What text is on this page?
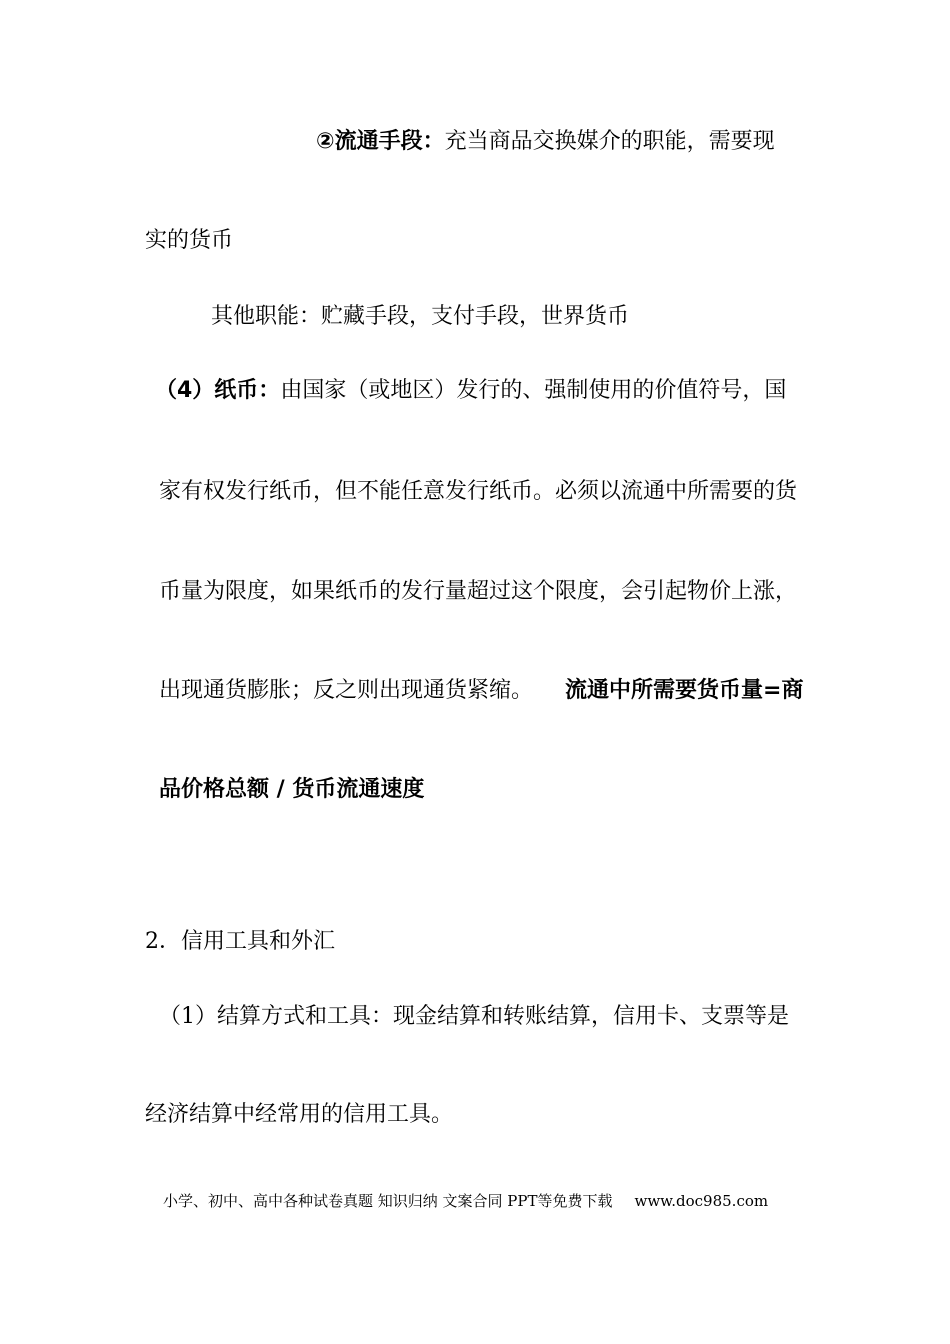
②流通手段：充当商品交换媒介的职能，需要现
实的货币
其他职能：贮藏手段，支付手段，世界货币
（4）纸币：由国家（或地区）发行的、强制使用的价值符号，国
家有权发行纸币，但不能任意发行纸币。必须以流通中所需要的货
币量为限度，如果纸币的发行量超过这个限度，会引起物价上涨，
出现通货膨胀；反之则出现通货紧缩。 流通中所需要货币量=商
品价格总额 / 货币流通速度
2．信用工具和外汇
（1）结算方式和工具：现金结算和转账结算，信用卡、支票等是
经济结算中经常用的信用工具。
小学、初中、高中各种试卷真题 知识归纳 文案合同 PPT等免费下载 www.doc985.com
